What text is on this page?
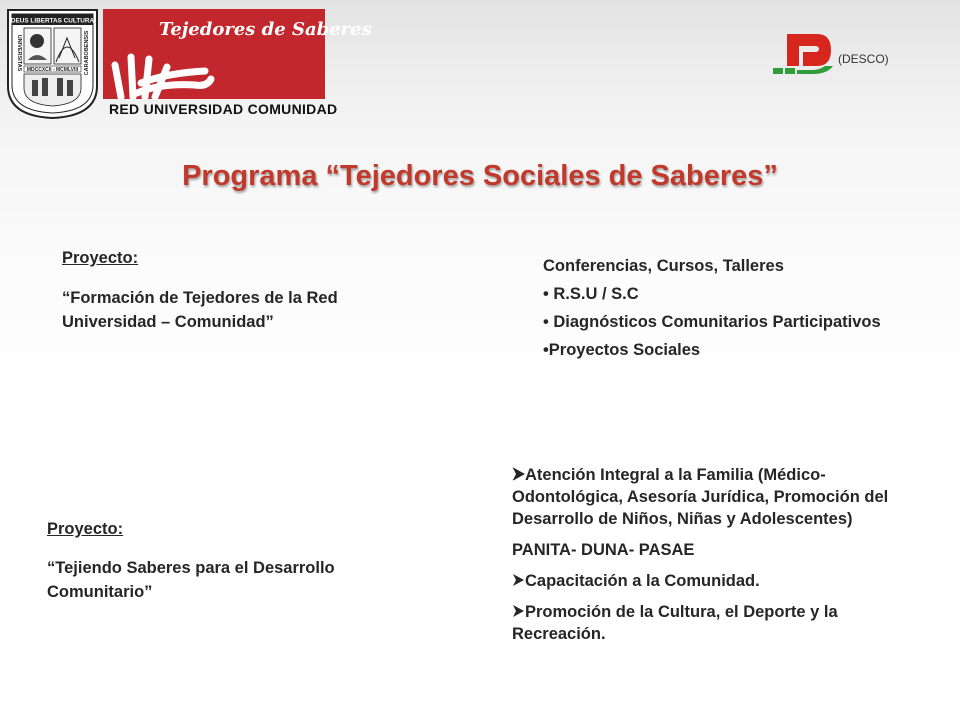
DEUS LIBERTAS CULTURA
MDCCXCII - MCMLVIII
UNIVERSITAS	CARABOBENSIS
Tejedores de Saberes
RED UNIVERSIDAD COMUNIDAD
(DESCO)
Programa “Tejedores Sociales de Saberes”
Proyecto:
“Formación de Tejedores de la Red Universidad – Comunidad”

Conferencias, Cursos, Talleres

• R.S.U / S.C

• Diagnósticos Comunitarios Participativos

•Proyectos Sociales

Proyecto:
“Tejiendo Saberes para el Desarrollo Comunitario”

Atención Integral a la Familia (Médico- Odontológica, Asesoría Jurídica, Promoción del Desarrollo de Niños, Niñas y Adolescentes)

PANITA- DUNA- PASAE

Capacitación a la Comunidad.

Promoción de la Cultura, el Deporte y la Recreación.
